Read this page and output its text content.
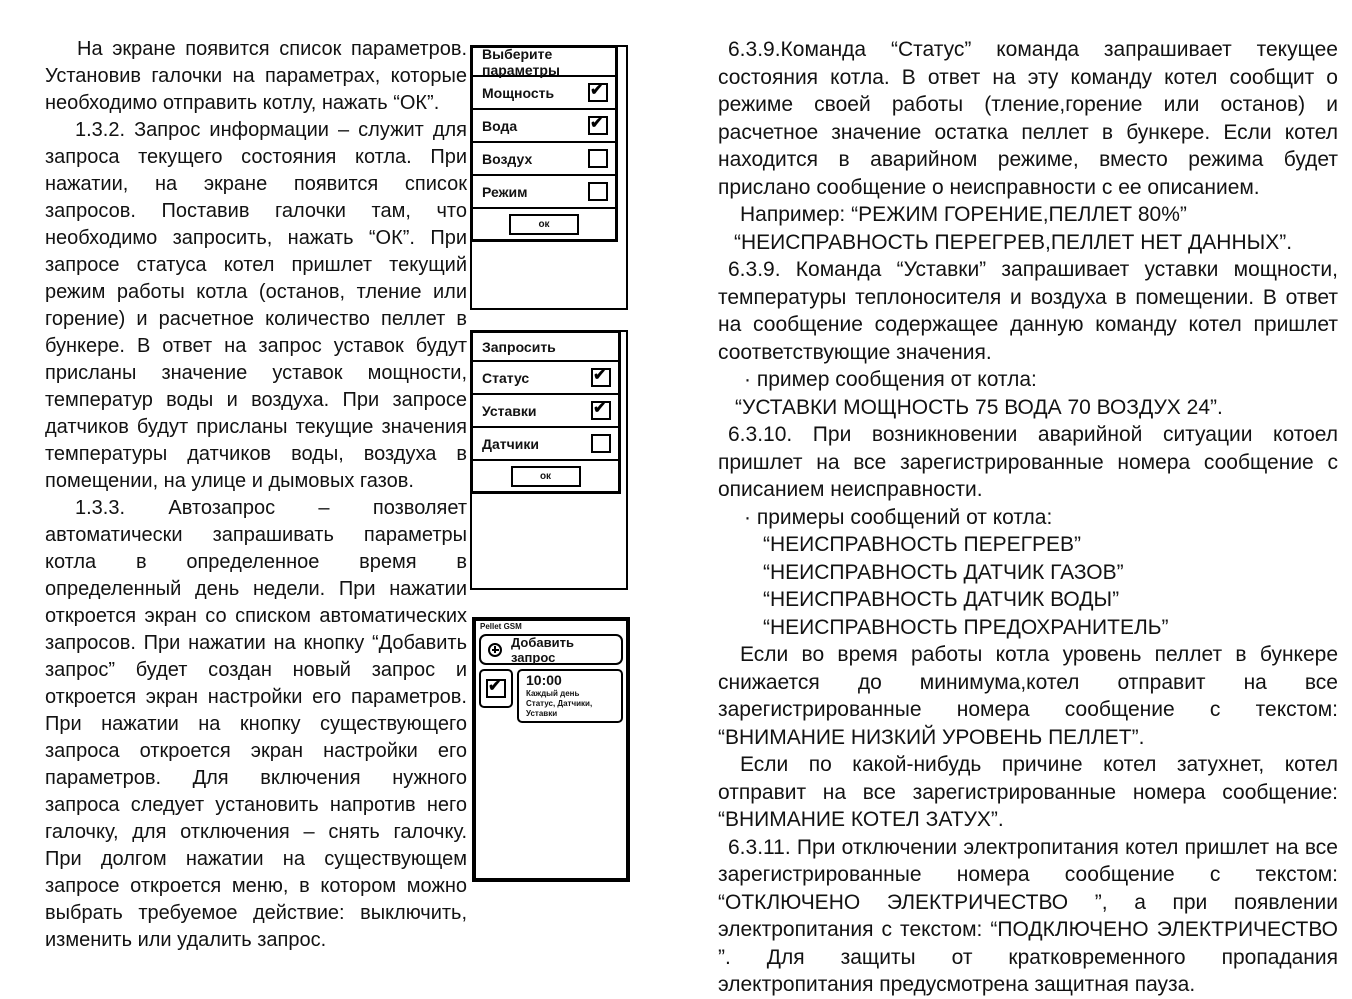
На экране появится список параметров. Установив галочки на параметрах, которые необходимо отправить котлу, нажать “ОК”.

1.3.2. Запрос информации – служит для запроса текущего состояния котла. При нажатии, на экране появится список запросов. Поставив галочки там, что необходимо запросить, нажать “ОК”. При запросе статуса котел пришлет текущий режим работы котла (останов, тление или горение) и расчетное количество пеллет в бункере. В ответ на запрос уставок будут присланы значение уставок мощности, температур воды и воздуха. При запросе датчиков будут присланы текущие значения температуры датчиков воды, воздуха в помещении, на улице и дымовых газов.

1.3.3. Автозапрос – позволяет автоматически запрашивать параметры котла в определенное время в определенный день недели. При нажатии откроется экран со списком автоматических запросов. При нажатии на кнопку “Добавить запрос” будет создан новый запрос и откроется экран настройки его параметров. При нажатии на кнопку существующего запроса откроется экран настройки его параметров. Для включения нужного запроса следует установить напротив него галочку, для отключения – снять галочку. При долгом нажатии на существующем запросе откроется меню, в котором можно выбрать требуемое действие: выключить, изменить или удалить запрос.

6.3.9.Команда “Статус” команда запрашивает текущее состояния котла. В ответ на эту команду котел сообщит о режиме своей работы (тление,горение или останов) и расчетное значение остатка пеллет в бункере. Если котел находится в аварийном режиме, вместо режима будет прислано сообщение о неисправности с ее описанием.

Например: “РЕЖИМ ГОРЕНИЕ,ПЕЛЛЕТ 80%”

“НЕИСПРАВНОСТЬ ПЕРЕГРЕВ,ПЕЛЛЕТ НЕТ ДАННЫХ”.

6.3.9. Команда “Уставки” запрашивает уставки мощности, температуры теплоносителя и воздуха в помещении. В ответ на сообщение содержащее данную команду котел пришлет соответствующие значения.

· пример сообщения от котла:

“УСТАВКИ МОЩНОСТЬ 75 ВОДА 70 ВОЗДУХ 24”.

6.3.10. При возникновении аварийной ситуации котоел пришлет на все зарегистрированные номера сообщение с описанием неисправности.

· примеры сообщений от котла:

“НЕИСПРАВНОСТЬ ПЕРЕГРЕВ”

“НЕИСПРАВНОСТЬ ДАТЧИК ГАЗОВ”

“НЕИСПРАВНОСТЬ ДАТЧИК ВОДЫ”

“НЕИСПРАВНОСТЬ ПРЕДОХРАНИТЕЛЬ”

Если во время работы котла уровень пеллет в бункере снижается до минимума,котел отправит на все зарегистрированные номера сообщение с текстом: “ВНИМАНИЕ НИЗКИЙ УРОВЕНЬ ПЕЛЛЕТ”.

Если по какой-нибудь причине котел затухнет, котел отправит на все зарегистрированные номера сообщение: “ВНИМАНИЕ КОТЕЛ ЗАТУХ”.

6.3.11. При отключении электропитания котел пришлет на все зарегистрированные номера сообщение с текстом: “ОТКЛЮЧЕНО ЭЛЕКТРИЧЕСТВО ”, а при появлении электропитания с текстом: “ПОДКЛЮЧЕНО ЭЛЕКТРИЧЕСТВО ”. Для защиты от кратковременного пропадания электропитания предусмотрена защитная пауза.

Выберите параметры
Мощность
✔
Вода
✔
Воздух
Режим
ок
Запросить
Статус
✔
Уставки
✔
Датчики
ок
Pellet GSM
Добавить запрос
✔
10:00
Каждый день
Статус, Датчики, Уставки
